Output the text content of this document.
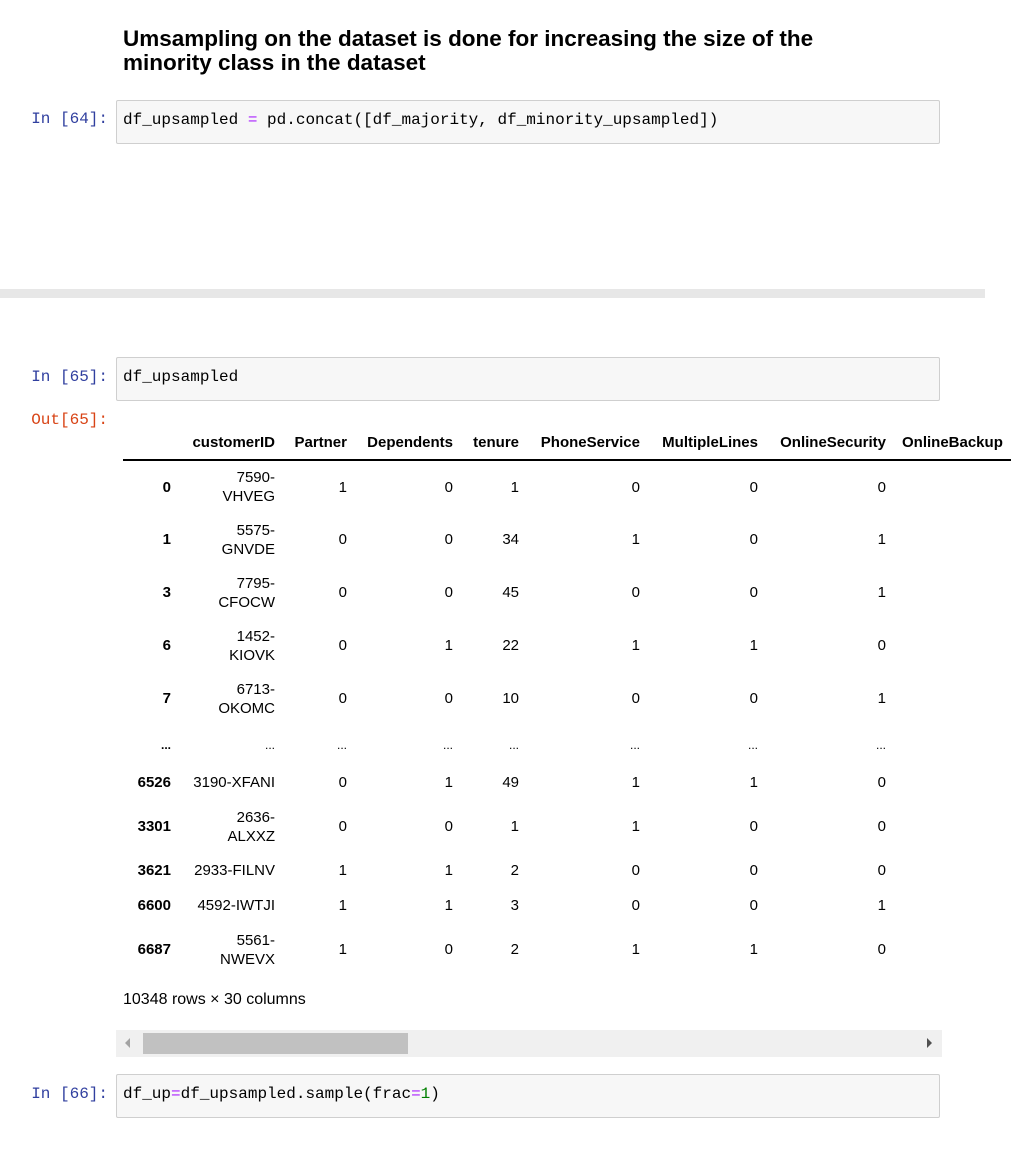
Umsampling on the dataset is done for increasing the size of the minority class in the dataset
In [64]: df_upsampled = pd.concat([df_majority, df_minority_upsampled])
In [65]: df_upsampled
Out[65]:
	customerID	Partner	Dependents	tenure	PhoneService	MultipleLines	OnlineSecurity	OnlineBackup
0	7590-VHVEG	1	0	1	0	0	0	
1	5575-GNVDE	0	0	34	1	0	1	
3	7795-CFOCW	0	0	45	0	0	1	
6	1452-KIOVK	0	1	22	1	1	0	
7	6713-OKOMC	0	0	10	0	0	1	
...	...	...	...	...	...	...	...	
6526	3190-XFANI	0	1	49	1	1	0	
3301	2636-ALXXZ	0	0	1	1	0	0	
3621	2933-FILNV	1	1	2	0	0	0	
6600	4592-IWTJI	1	1	3	0	0	1	
6687	5561-NWEVX	1	0	2	1	1	0	
10348 rows × 30 columns
In [66]: df_up=df_upsampled.sample(frac=1)
